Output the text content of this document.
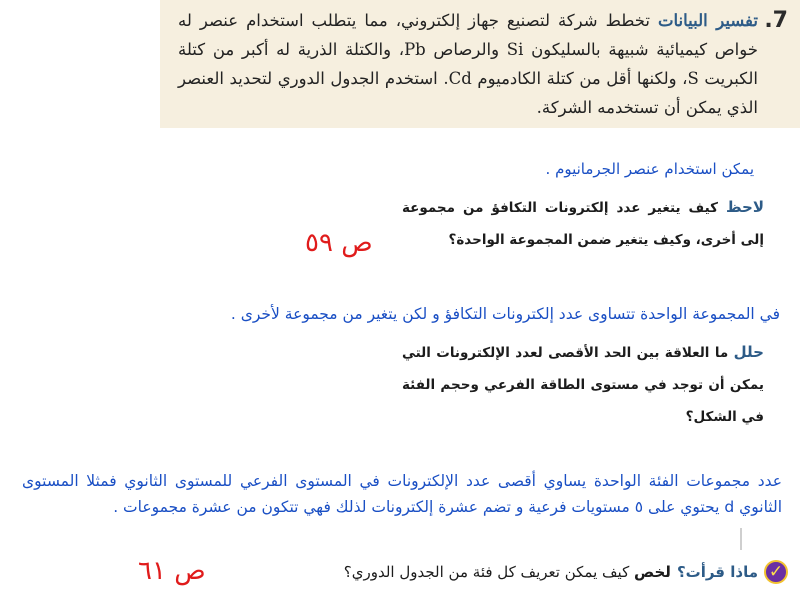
.7
تفسير البيانات تخطط شركة لتصنيع جهاز إلكتروني، مما يتطلب استخدام عنصر له خواص كيميائية شبيهة بالسليكون Si والرصاص Pb، والكتلة الذرية له أكبر من كتلة الكبريت S، ولكنها أقل من كتلة الكادميوم Cd. استخدم الجدول الدوري لتحديد العنصر الذي يمكن أن تستخدمه الشركة.
يمكن استخدام عنصر الجرمانيوم .
لاحظ كيف يتغير عدد إلكترونات التكافؤ من مجموعة إلى أخرى، وكيف يتغير ضمن المجموعة الواحدة؟
ص ٥٩
في المجموعة الواحدة تتساوى عدد إلكترونات التكافؤ و لكن يتغير من مجموعة لأخرى .
حلل ما العلاقة بين الحد الأقصى لعدد الإلكترونات التي يمكن أن توجد في مستوى الطاقة الفرعي وحجم الفئة في الشكل؟
عدد مجموعات الفئة الواحدة يساوي أقصى عدد الإلكترونات في المستوى الفرعي للمستوى الثانوي فمثلا المستوى الثانوي d يحتوي على ٥ مستويات فرعية و تضم عشرة إلكترونات لذلك فهي تتكون من عشرة مجموعات .
ص ٦١	✓
ماذا قرأت؟
لخص كيف يمكن تعريف كل فئة من الجدول الدوري؟
